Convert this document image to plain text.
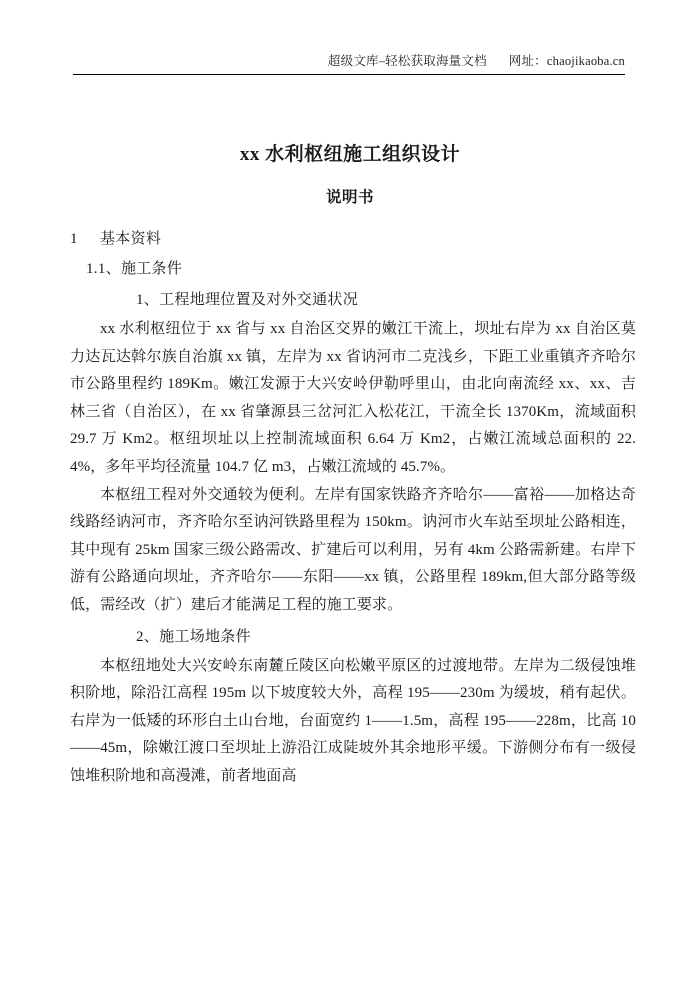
超级文库–轻松获取海量文档 网址：chaojikaoba.cn
xx 水利枢纽施工组织设计
说明书
1 基本资料
1.1、施工条件
1、工程地理位置及对外交通状况

xx 水利枢纽位于 xx 省与 xx 自治区交界的嫩江干流上，坝址右岸为 xx 自治区莫力达瓦达斡尔族自治旗 xx 镇，左岸为 xx 省讷河市二克浅乡，下距工业重镇齐齐哈尔市公路里程约 189Km。嫩江发源于大兴安岭伊勒呼里山，由北向南流经 xx、xx、吉林三省（自治区），在 xx 省肇源县三岔河汇入松花江，干流全长 1370Km，流域面积 29.7 万 Km2。枢纽坝址以上控制流域面积 6.64 万 Km2，占嫩江流域总面积的 22.4%，多年平均径流量 104.7 亿 m3，占嫩江流域的 45.7%。

本枢纽工程对外交通较为便利。左岸有国家铁路齐齐哈尔——富裕——加格达奇线路经讷河市，齐齐哈尔至讷河铁路里程为 150km。讷河市火车站至坝址公路相连，其中现有 25km 国家三级公路需改、扩建后可以利用，另有 4km 公路需新建。右岸下游有公路通向坝址，齐齐哈尔——东阳——xx 镇，公路里程 189km,但大部分路等级低，需经改（扩）建后才能满足工程的施工要求。

2、施工场地条件

本枢纽地处大兴安岭东南麓丘陵区向松嫩平原区的过渡地带。左岸为二级侵蚀堆积阶地，除沿江高程 195m 以下坡度较大外，高程 195——230m 为缓坡，稍有起伏。右岸为一低矮的环形白土山台地，台面宽约 1——1.5m，高程 195——228m，比高 10——45m，除嫩江渡口至坝址上游沿江成陡坡外其余地形平缓。下游侧分布有一级侵蚀堆积阶地和高漫滩，前者地面高
